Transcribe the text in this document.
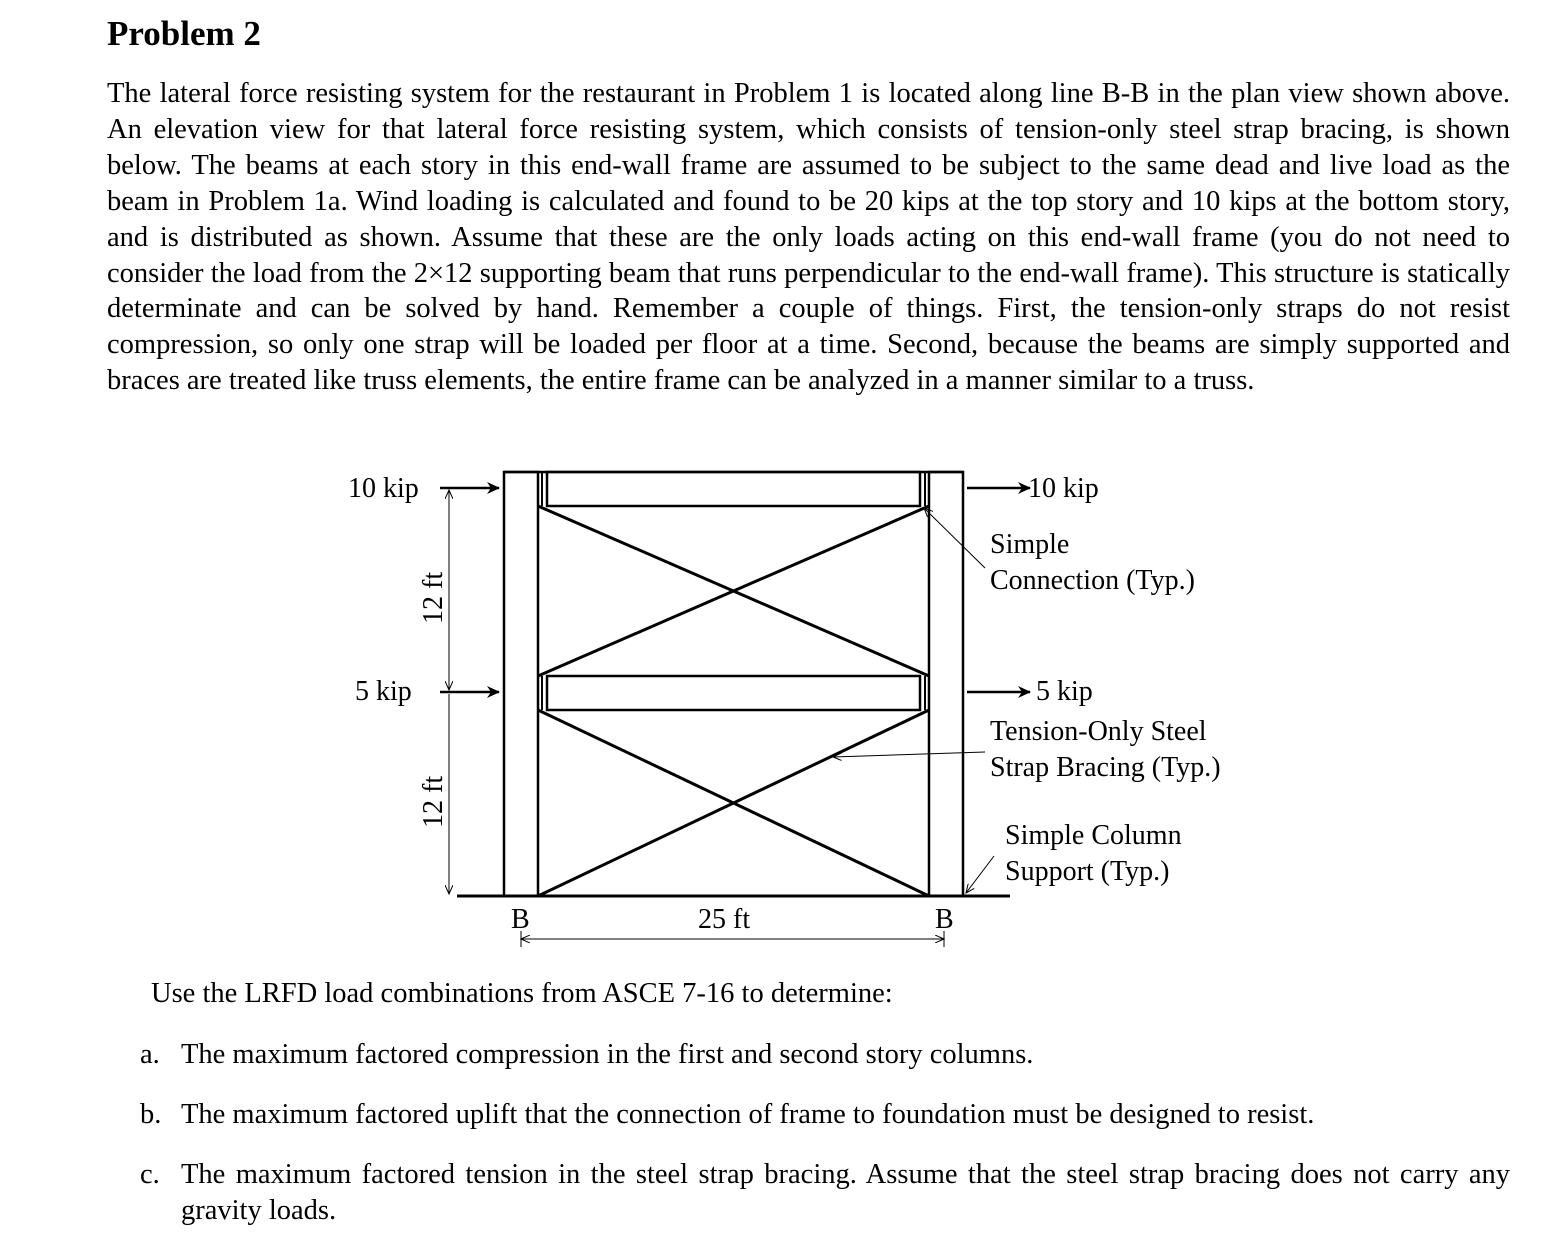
Problem 2

The lateral force resisting system for the restaurant in Problem 1 is located along line B-B in the plan view shown above. An elevation view for that lateral force resisting system, which consists of tension-only steel strap bracing, is shown below. The beams at each story in this end-wall frame are assumed to be subject to the same dead and live load as the beam in Problem 1a. Wind loading is calculated and found to be 20 kips at the top story and 10 kips at the bottom story, and is distributed as shown. Assume that these are the only loads acting on this end-wall frame (you do not need to consider the load from the 2×12 supporting beam that runs perpendicular to the end-wall frame). This structure is statically determinate and can be solved by hand. Remember a couple of things. First, the tension-only straps do not resist compression, so only one strap will be loaded per floor at a time. Second, because the beams are simply supported and braces are treated like truss elements, the entire frame can be analyzed in a manner similar to a truss.

10 kip	10 kip
5 kip	5 kip
12 ft
12 ft
B	B
25 ft
Simple
Connection (Typ.)
Tension-Only Steel
Strap Bracing (Typ.)
Simple Column
Support (Typ.)

Use the LRFD load combinations from ASCE 7-16 to determine:

a. The maximum factored compression in the first and second story columns.
b. The maximum factored uplift that the connection of frame to foundation must be designed to resist.
c. The maximum factored tension in the steel strap bracing. Assume that the steel strap bracing does not carry any gravity loads.
